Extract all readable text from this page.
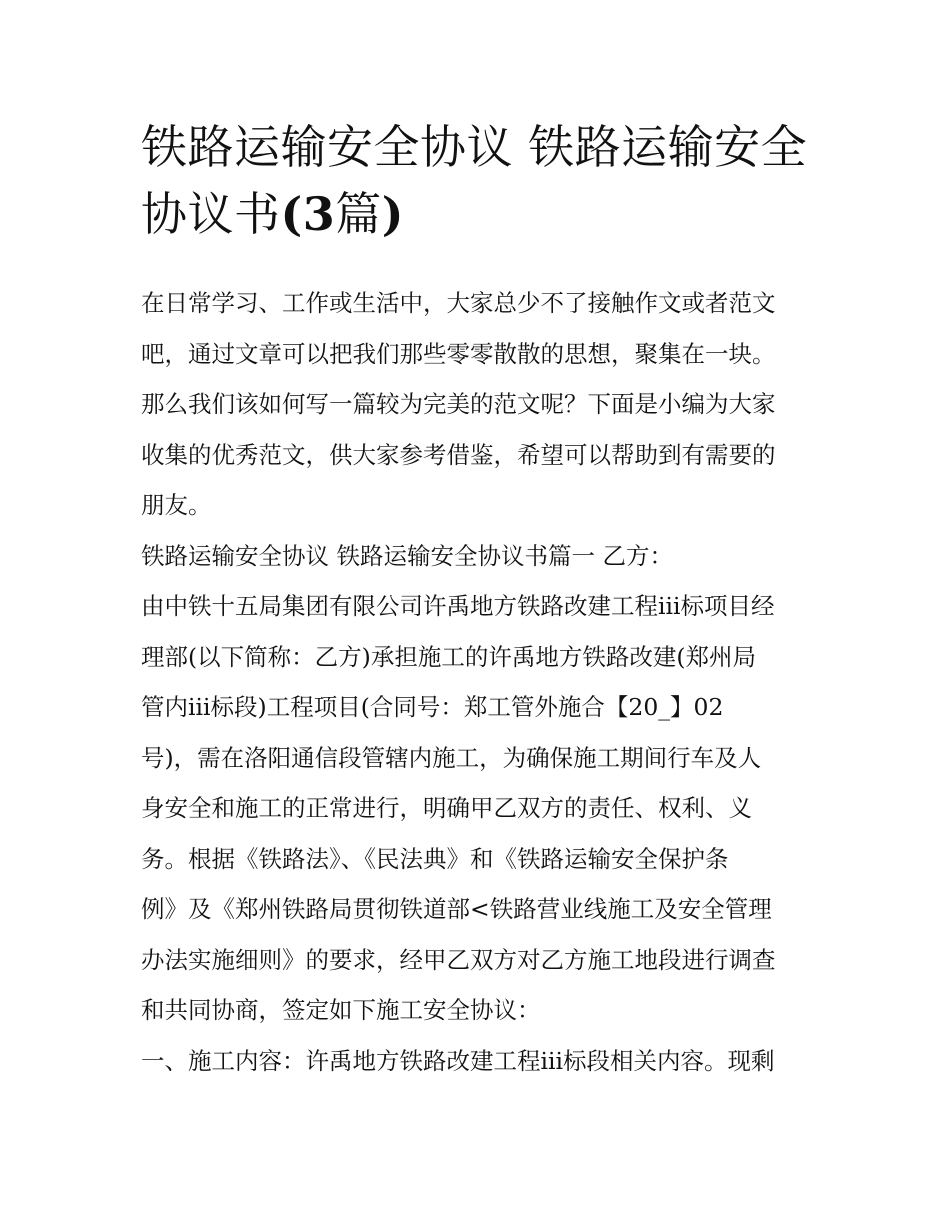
铁路运输安全协议 铁路运输安全协议书(3篇)

在日常学习、工作或生活中，大家总少不了接触作文或者范文

吧，通过文章可以把我们那些零零散散的思想，聚集在一块。

那么我们该如何写一篇较为完美的范文呢？下面是小编为大家

收集的优秀范文，供大家参考借鉴，希望可以帮助到有需要的

朋友。

铁路运输安全协议 铁路运输安全协议书篇一 乙方：

由中铁十五局集团有限公司许禹地方铁路改建工程iii标项目经

理部(以下简称：乙方)承担施工的许禹地方铁路改建(郑州局

管内iii标段)工程项目(合同号：郑工管外施合【20_】02

号)，需在洛阳通信段管辖内施工，为确保施工期间行车及人

身安全和施工的正常进行，明确甲乙双方的责任、权利、义

务。根据《铁路法》、《民法典》和《铁路运输安全保护条

例》及《郑州铁路局贯彻铁道部<铁路营业线施工及安全管理

办法实施细则》的要求，经甲乙双方对乙方施工地段进行调查

和共同协商，签定如下施工安全协议：

一、施工内容：许禹地方铁路改建工程iii标段相关内容。现剩
